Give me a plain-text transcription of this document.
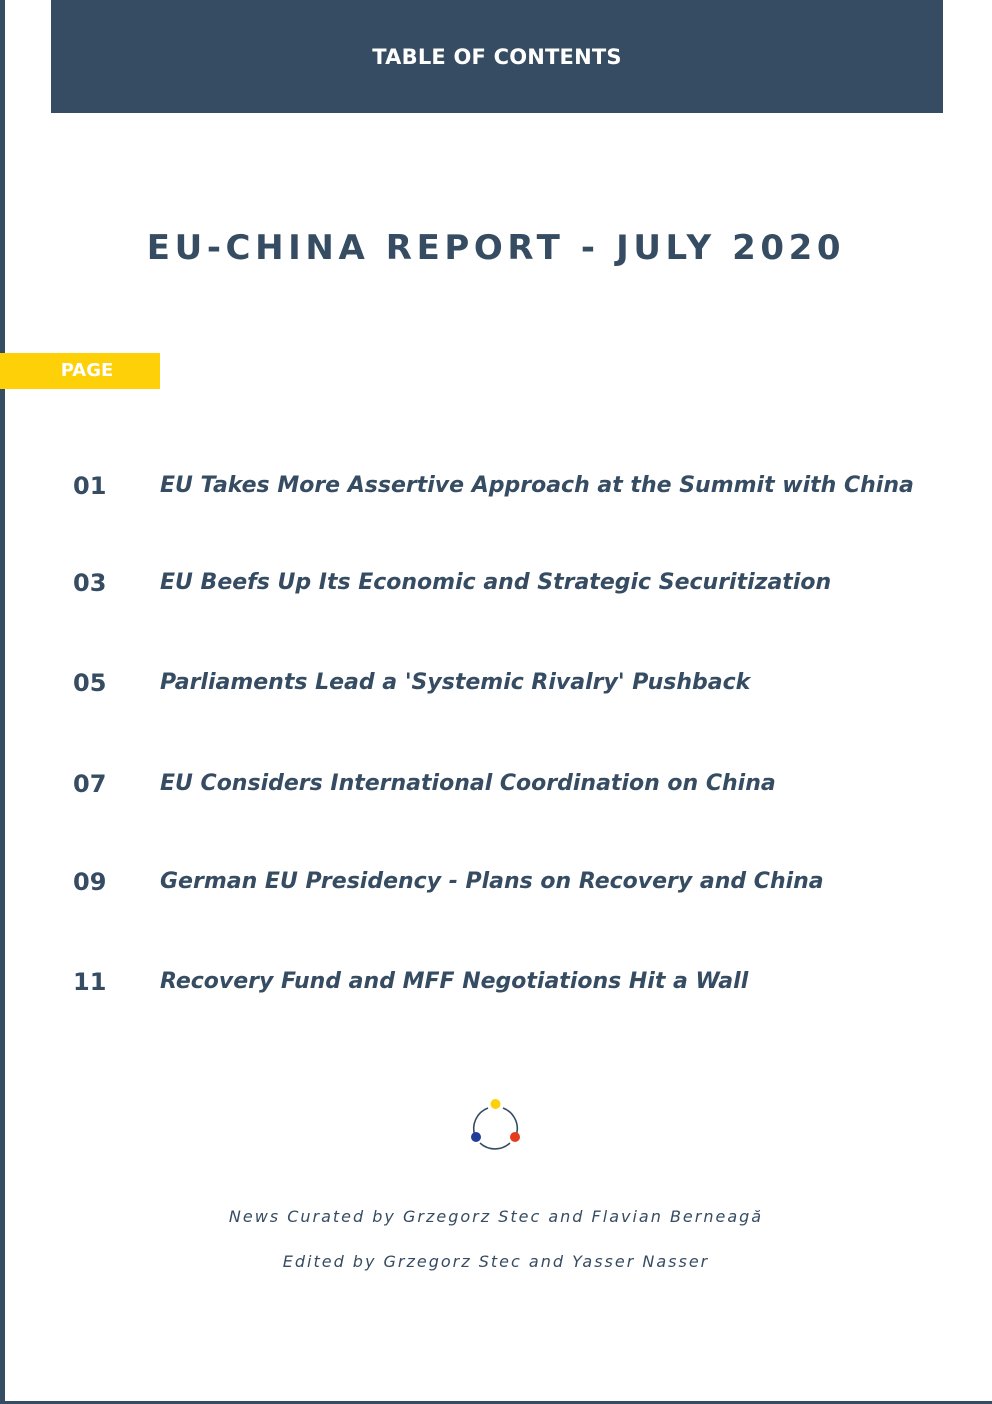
TABLE OF CONTENTS
EU-CHINA REPORT - JULY 2020
PAGE
01 EU Takes More Assertive Approach at the Summit with China
03 EU Beefs Up Its Economic and Strategic Securitization
05 Parliaments Lead a 'Systemic Rivalry' Pushback
07 EU Considers International Coordination on China
09 German EU Presidency - Plans on Recovery and China
11 Recovery Fund and MFF Negotiations Hit a Wall
News Curated by Grzegorz Stec and Flavian Berneagă
Edited by Grzegorz Stec and Yasser Nasser
